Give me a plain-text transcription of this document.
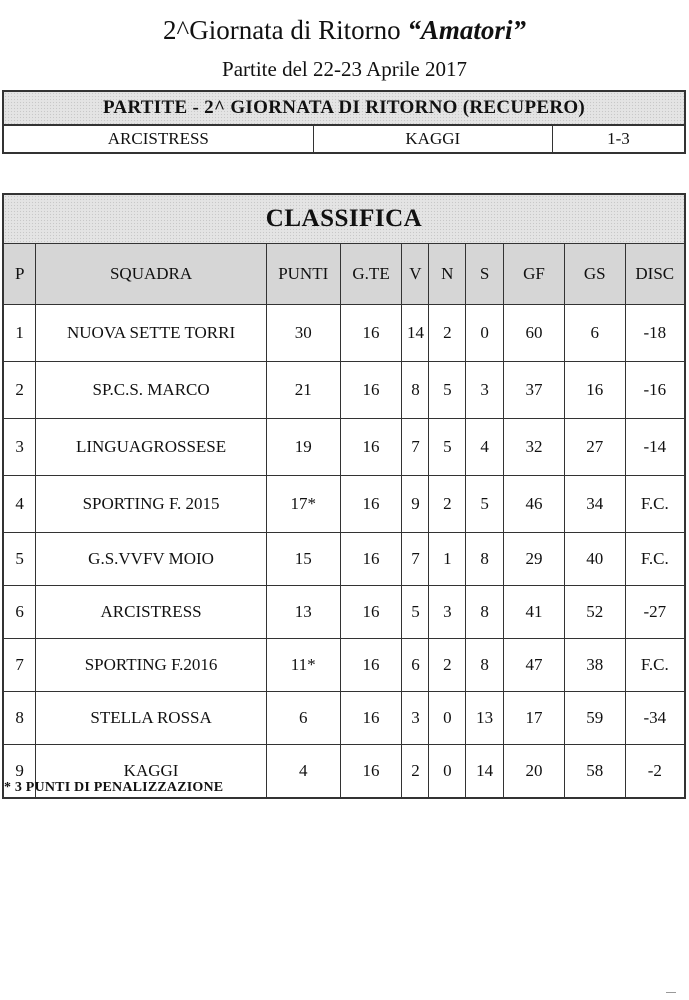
2^Giornata di Ritorno “Amatori”
Partite del 22-23 Aprile 2017
PARTITE - 2^ GIORNATA DI RITORNO (RECUPERO)
ARCISTRESS	KAGGI	1-3
CLASSIFICA									
P	SQUADRA	PUNTI	G.TE	V	N	S	GF	GS	DISC
1	NUOVA SETTE TORRI	30	16	14	2	0	60	6	-18
2	SP.C.S. MARCO	21	16	8	5	3	37	16	-16
3	LINGUAGROSSESE	19	16	7	5	4	32	27	-14
4	SPORTING F. 2015	17*	16	9	2	5	46	34	F.C.
5	G.S.VVFV MOIO	15	16	7	1	8	29	40	F.C.
6	ARCISTRESS	13	16	5	3	8	41	52	-27
7	SPORTING F.2016	11*	16	6	2	8	47	38	F.C.
8	STELLA ROSSA	6	16	3	0	13	17	59	-34
9	KAGGI	4	16	2	0	14	20	58	-2
* 3 PUNTI DI PENALIZZAZIONE
